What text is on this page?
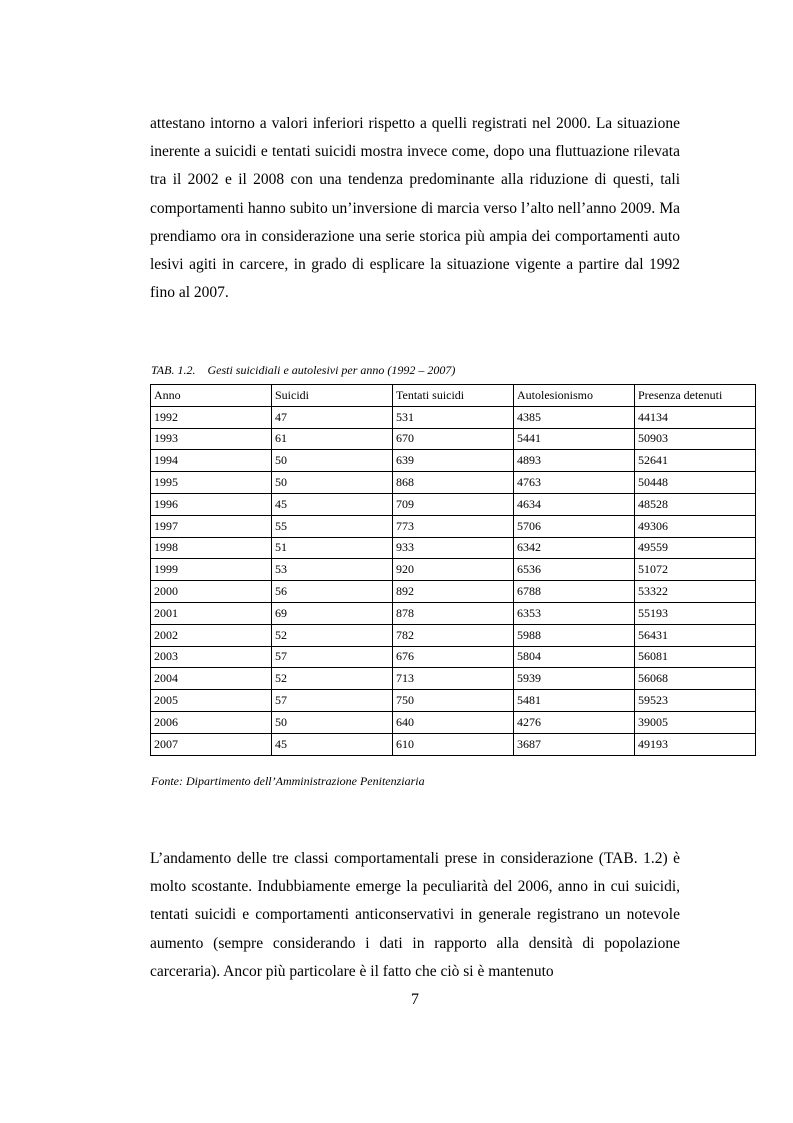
attestano intorno a valori inferiori rispetto a quelli registrati nel 2000. La situazione inerente a suicidi e tentati suicidi mostra invece come, dopo una fluttuazione rilevata tra il 2002 e il 2008 con una tendenza predominante alla riduzione di questi, tali comportamenti hanno subito un’inversione di marcia verso l’alto nell’anno 2009. Ma prendiamo ora in considerazione una serie storica più ampia dei comportamenti auto lesivi agiti in carcere, in grado di esplicare la situazione vigente a partire dal 1992 fino al 2007.

TAB. 1.2. Gesti suicidiali e autolesivi per anno (1992 – 2007)

Anno	Suicidi	Tentati suicidi	Autolesionismo	Presenza detenuti
1992	47	531	4385	44134
1993	61	670	5441	50903
1994	50	639	4893	52641
1995	50	868	4763	50448
1996	45	709	4634	48528
1997	55	773	5706	49306
1998	51	933	6342	49559
1999	53	920	6536	51072
2000	56	892	6788	53322
2001	69	878	6353	55193
2002	52	782	5988	56431
2003	57	676	5804	56081
2004	52	713	5939	56068
2005	57	750	5481	59523
2006	50	640	4276	39005
2007	45	610	3687	49193

Fonte: Dipartimento dell’Amministrazione Penitenziaria

L’andamento delle tre classi comportamentali prese in considerazione (TAB. 1.2) è molto scostante. Indubbiamente emerge la peculiarità del 2006, anno in cui suicidi, tentati suicidi e comportamenti anticonservativi in generale registrano un notevole aumento (sempre considerando i dati in rapporto alla densità di popolazione carceraria). Ancor più particolare è il fatto che ciò si è mantenuto

7
